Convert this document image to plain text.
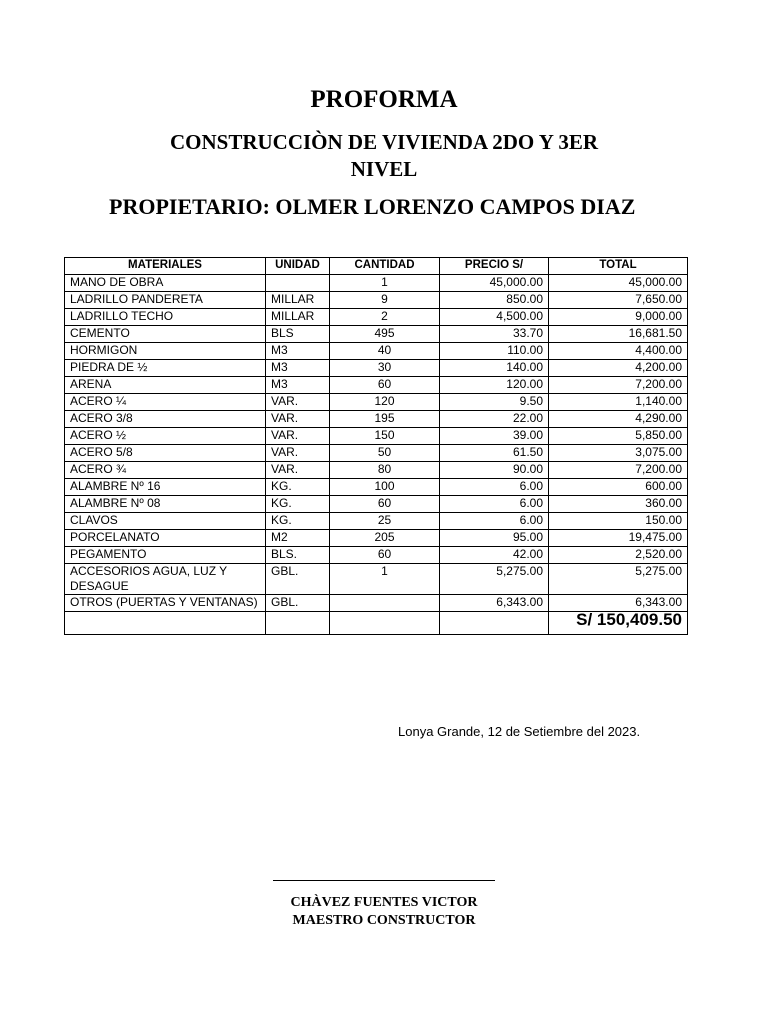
PROFORMA
CONSTRUCCIÒN DE VIVIENDA 2DO Y 3ER NIVEL
PROPIETARIO: OLMER LORENZO CAMPOS DIAZ
MATERIALES	UNIDAD	CANTIDAD	PRECIO S/	TOTAL
MANO DE OBRA		1	45,000.00	45,000.00
LADRILLO PANDERETA	MILLAR	9	850.00	7,650.00
LADRILLO TECHO	MILLAR	2	4,500.00	9,000.00
CEMENTO	BLS	495	33.70	16,681.50
HORMIGON	M3	40	110.00	4,400.00
PIEDRA DE ½	M3	30	140.00	4,200.00
ARENA	M3	60	120.00	7,200.00
ACERO ¼	VAR.	120	9.50	1,140.00
ACERO 3/8	VAR.	195	22.00	4,290.00
ACERO ½	VAR.	150	39.00	5,850.00
ACERO 5/8	VAR.	50	61.50	3,075.00
ACERO ¾	VAR.	80	90.00	7,200.00
ALAMBRE Nº 16	KG.	100	6.00	600.00
ALAMBRE Nº 08	KG.	60	6.00	360.00
CLAVOS	KG.	25	6.00	150.00
PORCELANATO	M2	205	95.00	19,475.00
PEGAMENTO	BLS.	60	42.00	2,520.00
ACCESORIOS AGUA, LUZ Y DESAGUE	GBL.	1	5,275.00	5,275.00
OTROS (PUERTAS Y VENTANAS)	GBL.		6,343.00	6,343.00
				S/ 150,409.50

Lonya Grande, 12 de Setiembre del 2023.

CHÀVEZ FUENTES VICTOR
MAESTRO CONSTRUCTOR
